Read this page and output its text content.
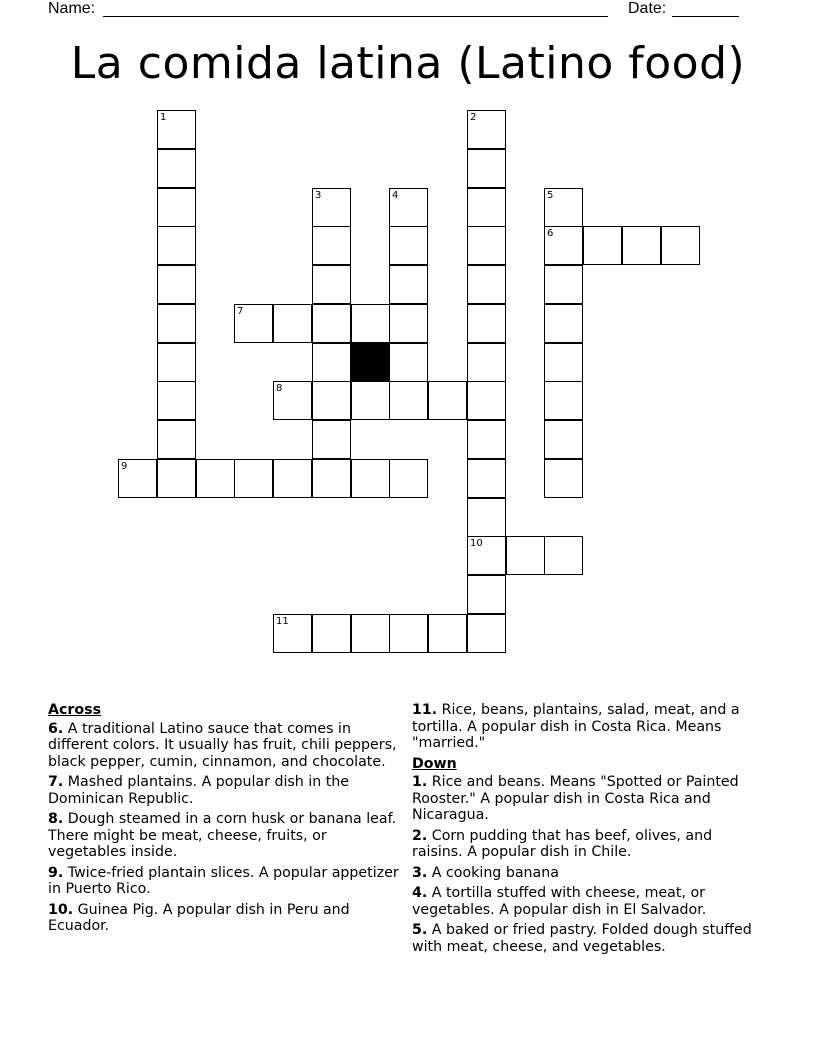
Name:	Date:
La comida latina (Latino food)
1	2
10
3	4	5
6
7
8
9
11
Across
6. A traditional Latino sauce that comes in different colors. It usually has fruit, chili peppers, black pepper, cumin, cinnamon, and chocolate.
7. Mashed plantains. A popular dish in the Dominican Republic.
8. Dough steamed in a corn husk or banana leaf. There might be meat, cheese, fruits, or vegetables inside.
9. Twice-fried plantain slices. A popular appetizer in Puerto Rico.
10. Guinea Pig. A popular dish in Peru and Ecuador.
11. Rice, beans, plantains, salad, meat, and a tortilla. A popular dish in Costa Rica. Means "married."
Down
1. Rice and beans. Means "Spotted or Painted Rooster." A popular dish in Costa Rica and Nicaragua.
2. Corn pudding that has beef, olives, and raisins. A popular dish in Chile.
3. A cooking banana
4. A tortilla stuffed with cheese, meat, or vegetables. A popular dish in El Salvador.
5. A baked or fried pastry. Folded dough stuffed with meat, cheese, and vegetables.
